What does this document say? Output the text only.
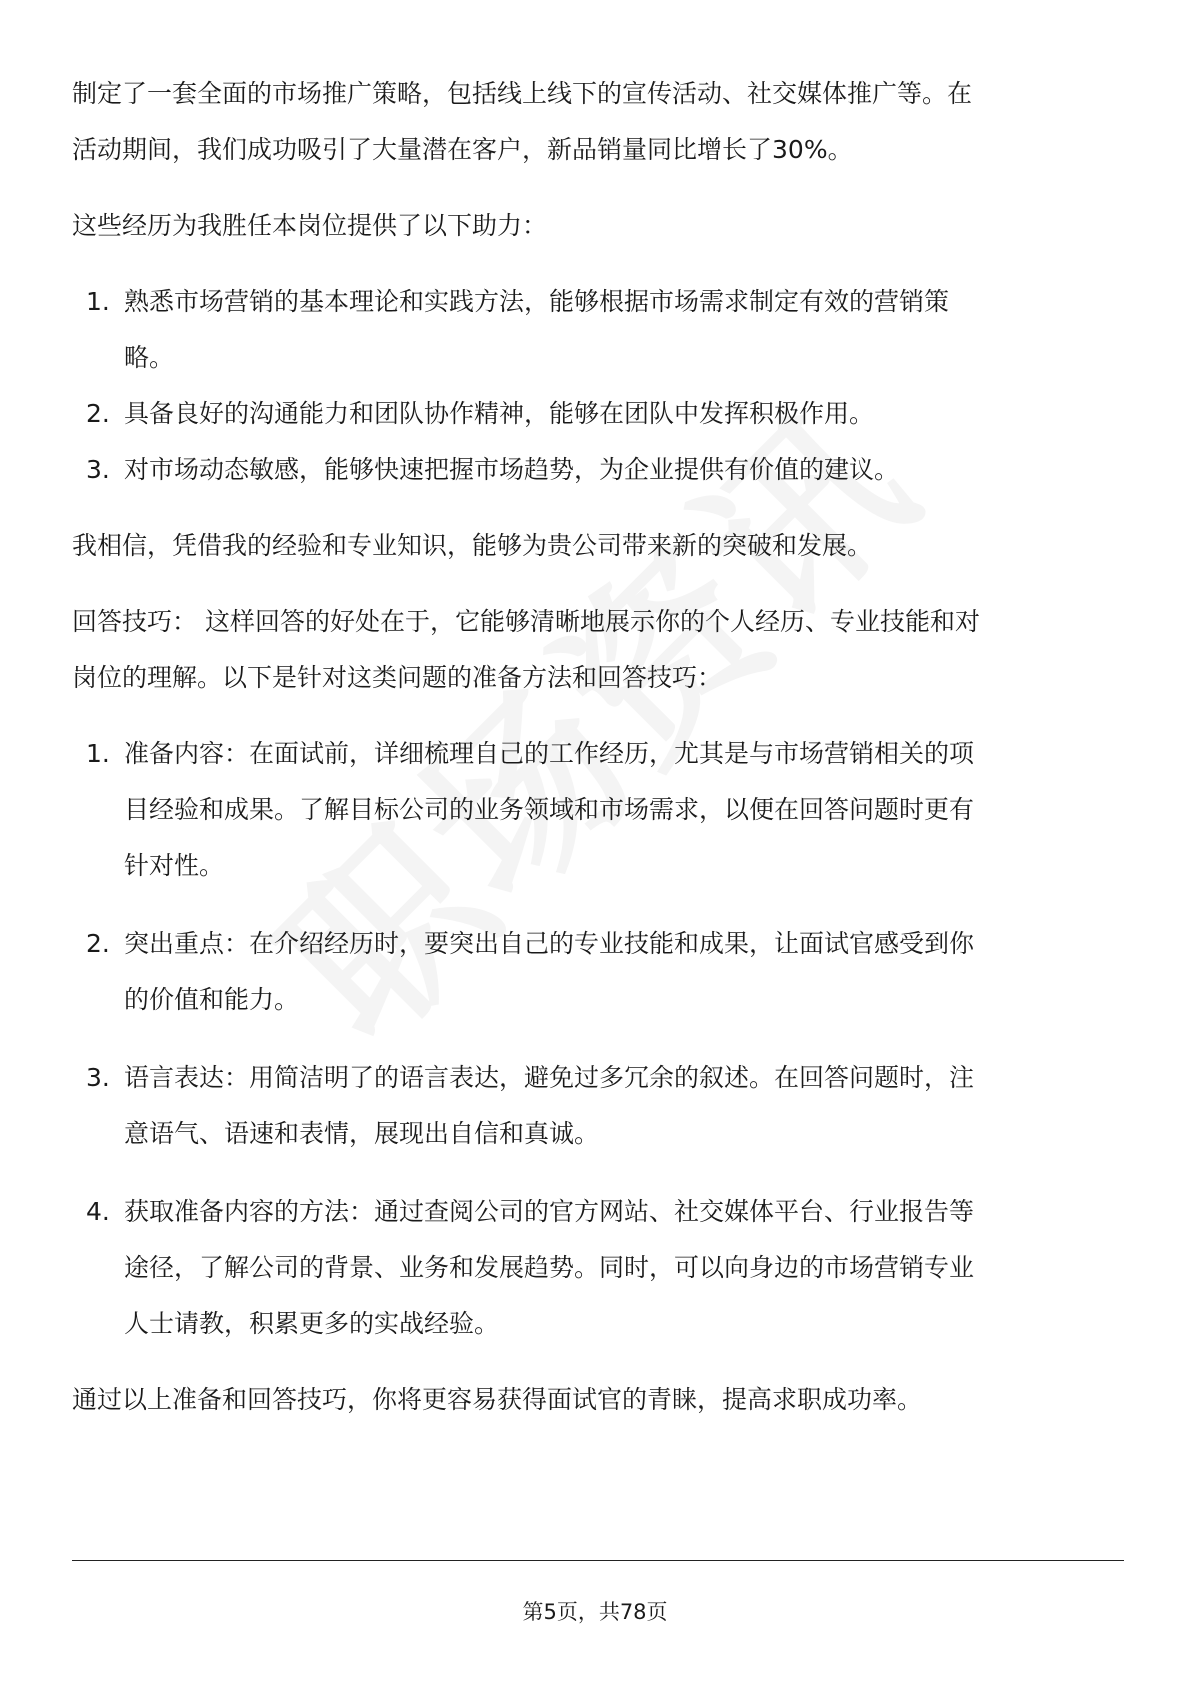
制定了一套全面的市场推广策略，包括线上线下的宣传活动、社交媒体推广等。在
活动期间，我们成功吸引了大量潜在客户，新品销量同比增长了30%。
这些经历为我胜任本岗位提供了以下助力：
1. 熟悉市场营销的基本理论和实践方法，能够根据市场需求制定有效的营销策
略。
2. 具备良好的沟通能力和团队协作精神，能够在团队中发挥积极作用。
3. 对市场动态敏感，能够快速把握市场趋势，为企业提供有价值的建议。
我相信，凭借我的经验和专业知识，能够为贵公司带来新的突破和发展。
回答技巧： 这样回答的好处在于，它能够清晰地展示你的个人经历、专业技能和对
岗位的理解。以下是针对这类问题的准备方法和回答技巧：
1. 准备内容：在面试前，详细梳理自己的工作经历，尤其是与市场营销相关的项
目经验和成果。了解目标公司的业务领域和市场需求，以便在回答问题时更有
针对性。
2. 突出重点：在介绍经历时，要突出自己的专业技能和成果，让面试官感受到你
的价值和能力。
3. 语言表达：用简洁明了的语言表达，避免过多冗余的叙述。在回答问题时，注
意语气、语速和表情，展现出自信和真诚。
4. 获取准备内容的方法：通过查阅公司的官方网站、社交媒体平台、行业报告等
途径，了解公司的背景、业务和发展趋势。同时，可以向身边的市场营销专业
人士请教，积累更多的实战经验。
通过以上准备和回答技巧，你将更容易获得面试官的青睐，提高求职成功率。
第5页，共78页
